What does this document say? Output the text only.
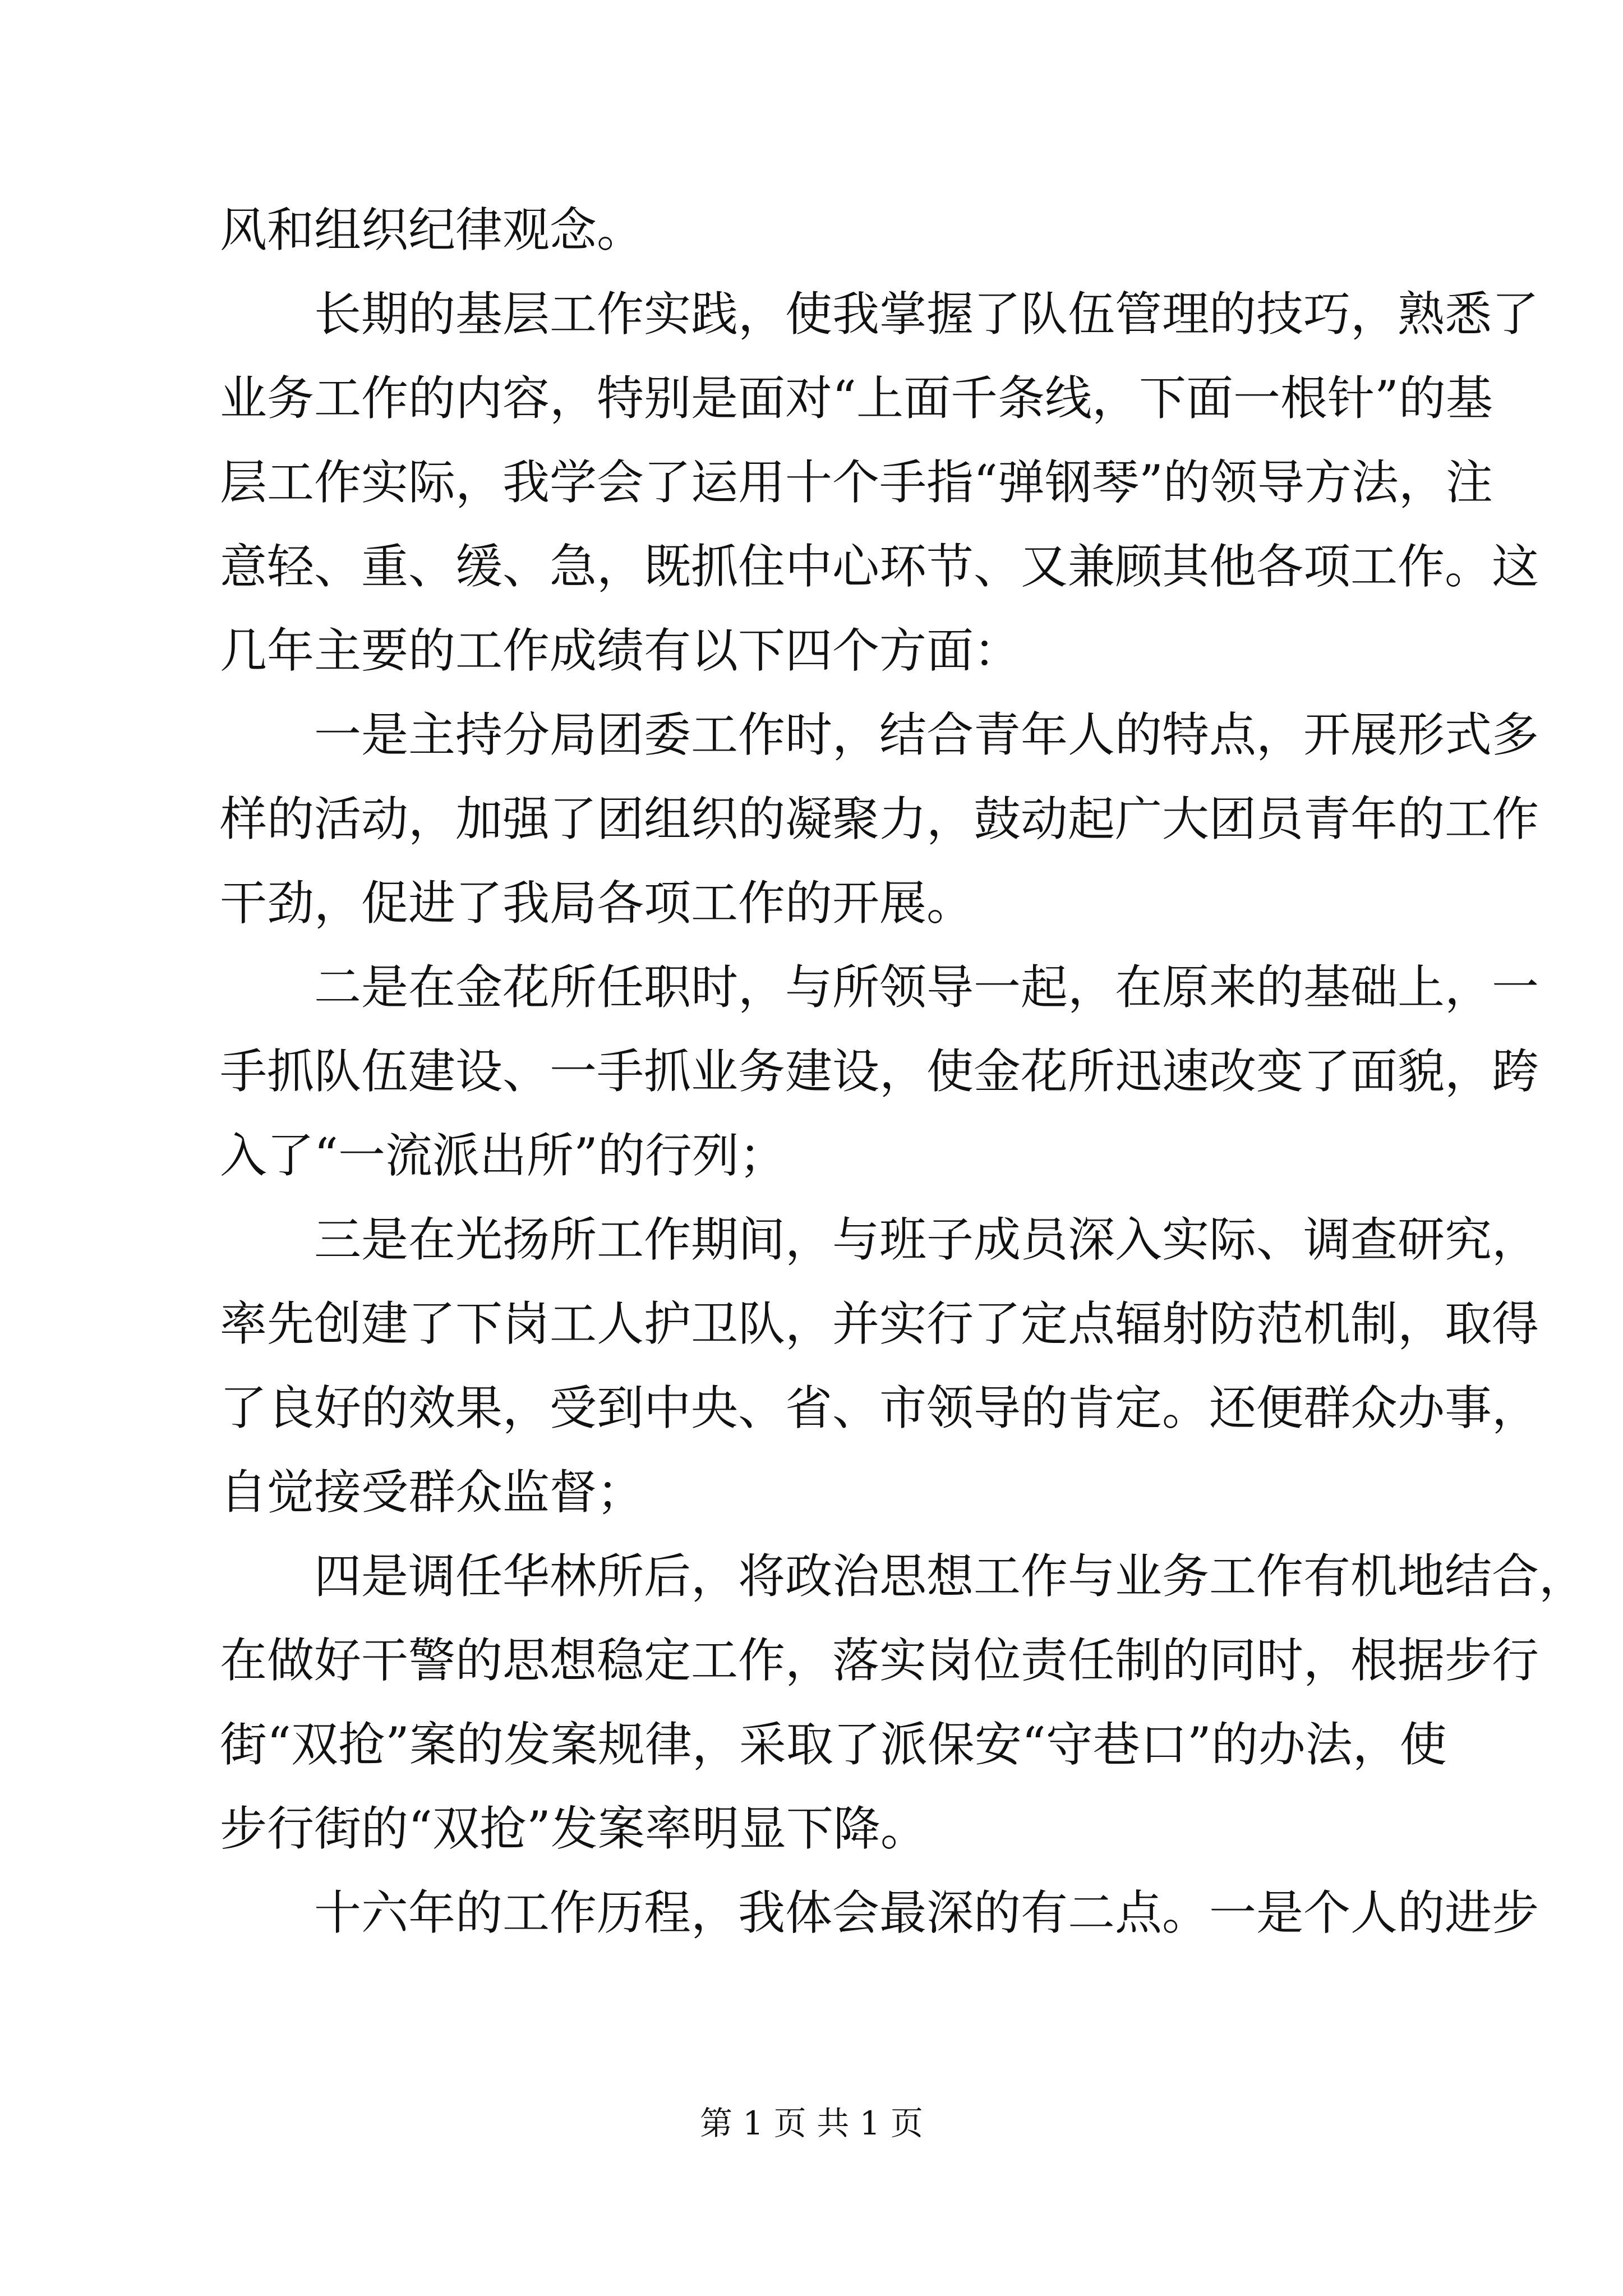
风和组织纪律观念。
　　长期的基层工作实践，使我掌握了队伍管理的技巧，熟悉了
业务工作的内容，特别是面对“上面千条线，下面一根针”的基
层工作实际，我学会了运用十个手指“弹钢琴”的领导方法，注
意轻、重、缓、急，既抓住中心环节、又兼顾其他各项工作。这
几年主要的工作成绩有以下四个方面：
　　一是主持分局团委工作时，结合青年人的特点，开展形式多
样的活动，加强了团组织的凝聚力，鼓动起广大团员青年的工作
干劲，促进了我局各项工作的开展。
　　二是在金花所任职时，与所领导一起，在原来的基础上，一
手抓队伍建设、一手抓业务建设，使金花所迅速改变了面貌，跨
入了“一流派出所”的行列；
　　三是在光扬所工作期间，与班子成员深入实际、调查研究，
率先创建了下岗工人护卫队，并实行了定点辐射防范机制，取得
了良好的效果，受到中央、省、市领导的肯定。还便群众办事，
自觉接受群众监督；
　　四是调任华林所后，将政治思想工作与业务工作有机地结合，
在做好干警的思想稳定工作，落实岗位责任制的同时，根据步行
街“双抢”案的发案规律，采取了派保安“守巷口”的办法，使
步行街的“双抢”发案率明显下降。
　　十六年的工作历程，我体会最深的有二点。一是个人的进步
第 1 页 共 1 页
